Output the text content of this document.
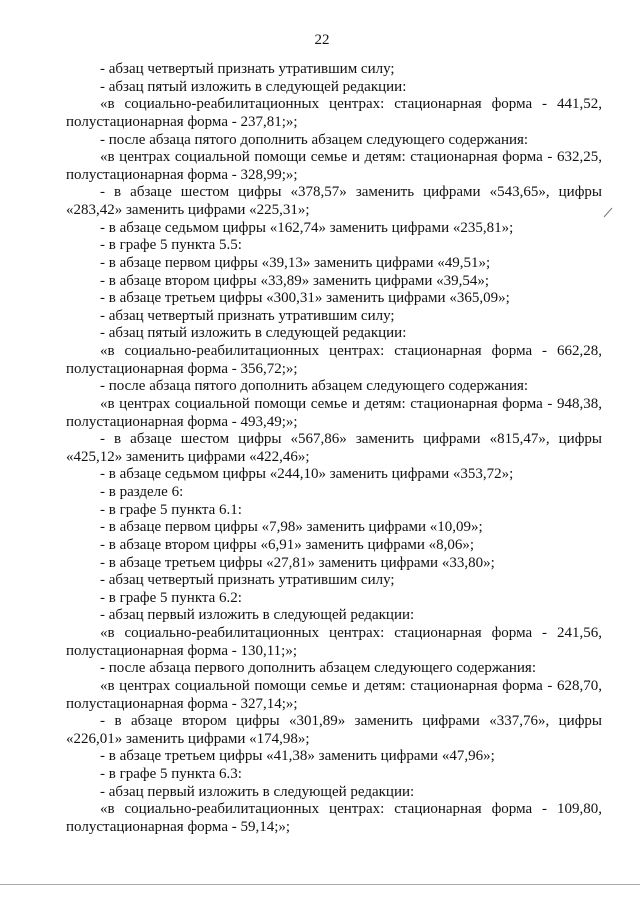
22
- абзац четвертый признать утратившим силу;
- абзац пятый изложить в следующей редакции:
«в социально-реабилитационных центрах: стационарная форма - 441,52,
полустационарная форма - 237,81;»;
- после абзаца пятого дополнить абзацем следующего содержания:
«в центрах социальной помощи семье и детям: стационарная форма - 632,25,
полустационарная форма - 328,99;»;
- в абзаце шестом цифры «378,57» заменить цифрами «543,65», цифры
«283,42» заменить цифрами «225,31»;
- в абзаце седьмом цифры «162,74» заменить цифрами «235,81»;
- в графе 5 пункта 5.5:
- в абзаце первом цифры «39,13» заменить цифрами «49,51»;
- в абзаце втором цифры «33,89» заменить цифрами «39,54»;
- в абзаце третьем цифры «300,31» заменить цифрами «365,09»;
- абзац четвертый признать утратившим силу;
- абзац пятый изложить в следующей редакции:
«в социально-реабилитационных центрах: стационарная форма - 662,28,
полустационарная форма - 356,72;»;
- после абзаца пятого дополнить абзацем следующего содержания:
«в центрах социальной помощи семье и детям: стационарная форма - 948,38,
полустационарная форма - 493,49;»;
- в абзаце шестом цифры «567,86» заменить цифрами «815,47», цифры
«425,12» заменить цифрами «422,46»;
- в абзаце седьмом цифры «244,10» заменить цифрами «353,72»;
- в разделе 6:
- в графе 5 пункта 6.1:
- в абзаце первом цифры «7,98» заменить цифрами «10,09»;
- в абзаце втором цифры «6,91» заменить цифрами «8,06»;
- в абзаце третьем цифры «27,81» заменить цифрами «33,80»;
- абзац четвертый признать утратившим силу;
- в графе 5 пункта 6.2:
- абзац первый изложить в следующей редакции:
«в социально-реабилитационных центрах: стационарная форма - 241,56,
полустационарная форма - 130,11;»;
- после абзаца первого дополнить абзацем следующего содержания:
«в центрах социальной помощи семье и детям: стационарная форма - 628,70,
полустационарная форма - 327,14;»;
- в абзаце втором цифры «301,89» заменить цифрами «337,76», цифры
«226,01» заменить цифрами «174,98»;
- в абзаце третьем цифры «41,38» заменить цифрами «47,96»;
- в графе 5 пункта 6.3:
- абзац первый изложить в следующей редакции:
«в социально-реабилитационных центрах: стационарная форма - 109,80,
полустационарная форма - 59,14;»;
